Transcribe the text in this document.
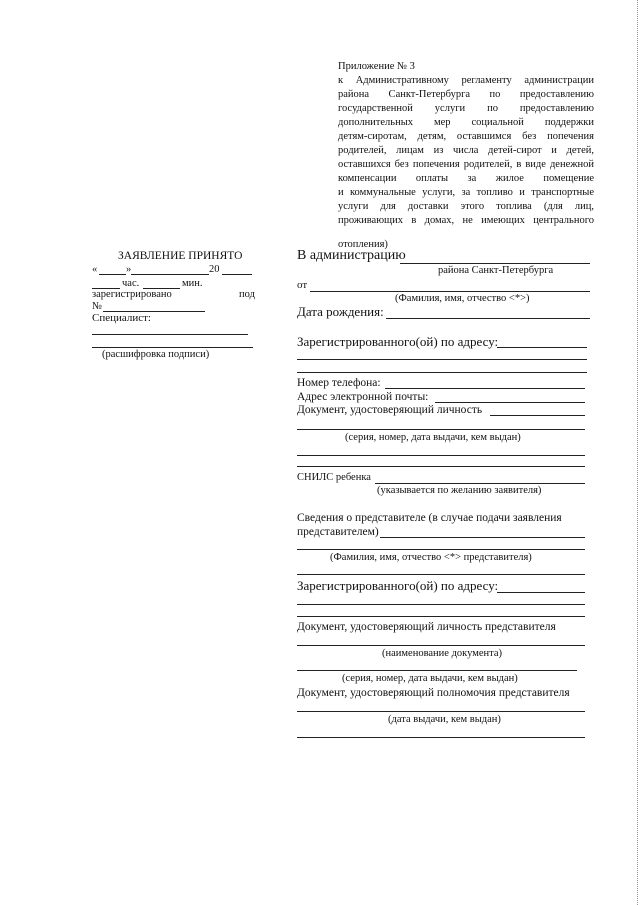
Приложение № 3
к Административному регламенту администрации
района Санкт-Петербурга по предоставлению
государственной услуги по предоставлению
дополнительных мер социальной поддержки
детям-сиротам, детям, оставшимся без попечения
родителей, лицам из числа детей-сирот и детей,
оставшихся без попечения родителей, в виде денежной
компенсации оплаты за жилое помещение
и коммунальные услуги, за топливо и транспортные
услуги для доставки этого топлива (для лиц,
проживающих в домах, не имеющих центрального
отопления)
ЗАЯВЛЕНИЕ ПРИНЯТО
«	»	20
час.	мин.
зарегистрировано	под
№
Специалист:
(расшифровка подписи)
В администрацию
района Санкт-Петербурга
от
(Фамилия, имя, отчество <*>)
Дата рождения:
Зарегистрированного(ой) по адресу:
Номер телефона:
Адрес электронной почты:
Документ, удостоверяющий личность
(серия, номер, дата выдачи, кем выдан)
СНИЛС ребенка
(указывается по желанию заявителя)
Сведения о представителе (в случае подачи заявления
представителем)
(Фамилия, имя, отчество <*> представителя)
Зарегистрированного(ой) по адресу:
Документ, удостоверяющий личность представителя
(наименование документа)
(серия, номер, дата выдачи, кем выдан)
Документ, удостоверяющий полномочия представителя
(дата выдачи, кем выдан)
